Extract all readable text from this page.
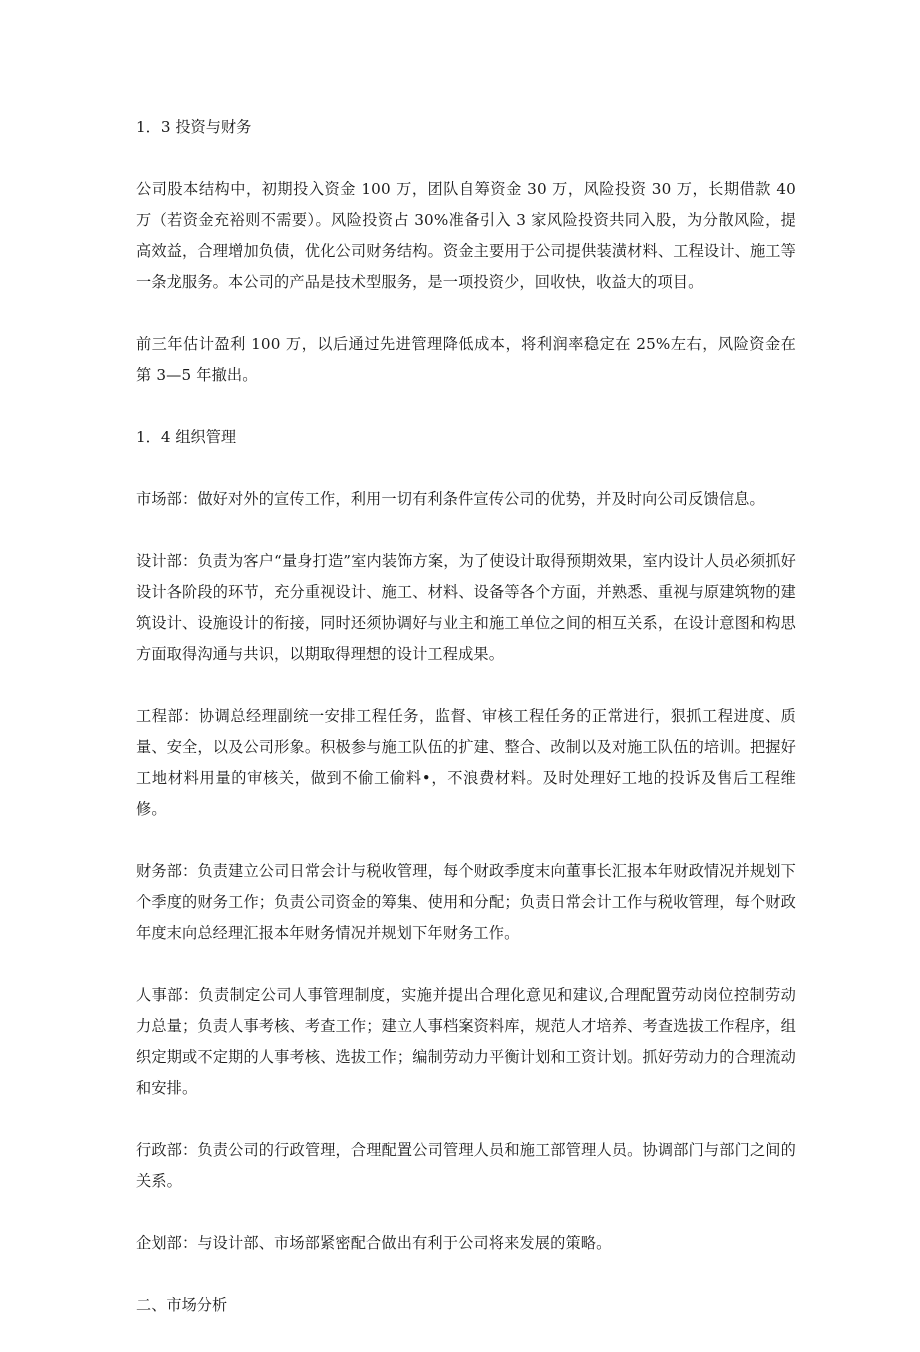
1．3 投资与财务

公司股本结构中，初期投入资金 100 万，团队自筹资金 30 万，风险投资 30 万，长期借款 40 万（若资金充裕则不需要）。风险投资占 30%准备引入 3 家风险投资共同入股，为分散风险，提高效益，合理增加负债，优化公司财务结构。资金主要用于公司提供装潢材料、工程设计、施工等一条龙服务。本公司的产品是技术型服务，是一项投资少，回收快，收益大的项目。

前三年估计盈利 100 万，以后通过先进管理降低成本，将利润率稳定在 25%左右，风险资金在第 3—5 年撤出。

1．4 组织管理

市场部：做好对外的宣传工作，利用一切有利条件宣传公司的优势，并及时向公司反馈信息。

设计部：负责为客户“量身打造”室内装饰方案，为了使设计取得预期效果，室内设计人员必须抓好设计各阶段的环节，充分重视设计、施工、材料、设备等各个方面，并熟悉、重视与原建筑物的建筑设计、设施设计的衔接，同时还须协调好与业主和施工单位之间的相互关系，在设计意图和构思方面取得沟通与共识，以期取得理想的设计工程成果。

工程部：协调总经理副统一安排工程任务，监督、审核工程任务的正常进行，狠抓工程进度、质量、安全，以及公司形象。积极参与施工队伍的扩建、整合、改制以及对施工队伍的培训。把握好工地材料用量的审核关，做到不偷工偷料•，不浪费材料。及时处理好工地的投诉及售后工程维修。

财务部：负责建立公司日常会计与税收管理，每个财政季度末向董事长汇报本年财政情况并规划下个季度的财务工作；负责公司资金的筹集、使用和分配；负责日常会计工作与税收管理，每个财政年度末向总经理汇报本年财务情况并规划下年财务工作。

人事部：负责制定公司人事管理制度，实施并提出合理化意见和建议,合理配置劳动岗位控制劳动力总量；负责人事考核、考查工作；建立人事档案资料库，规范人才培养、考查选拔工作程序，组织定期或不定期的人事考核、选拔工作；编制劳动力平衡计划和工资计划。抓好劳动力的合理流动和安排。

行政部：负责公司的行政管理，合理配置公司管理人员和施工部管理人员。协调部门与部门之间的关系。

企划部：与设计部、市场部紧密配合做出有利于公司将来发展的策略。

二、市场分析
